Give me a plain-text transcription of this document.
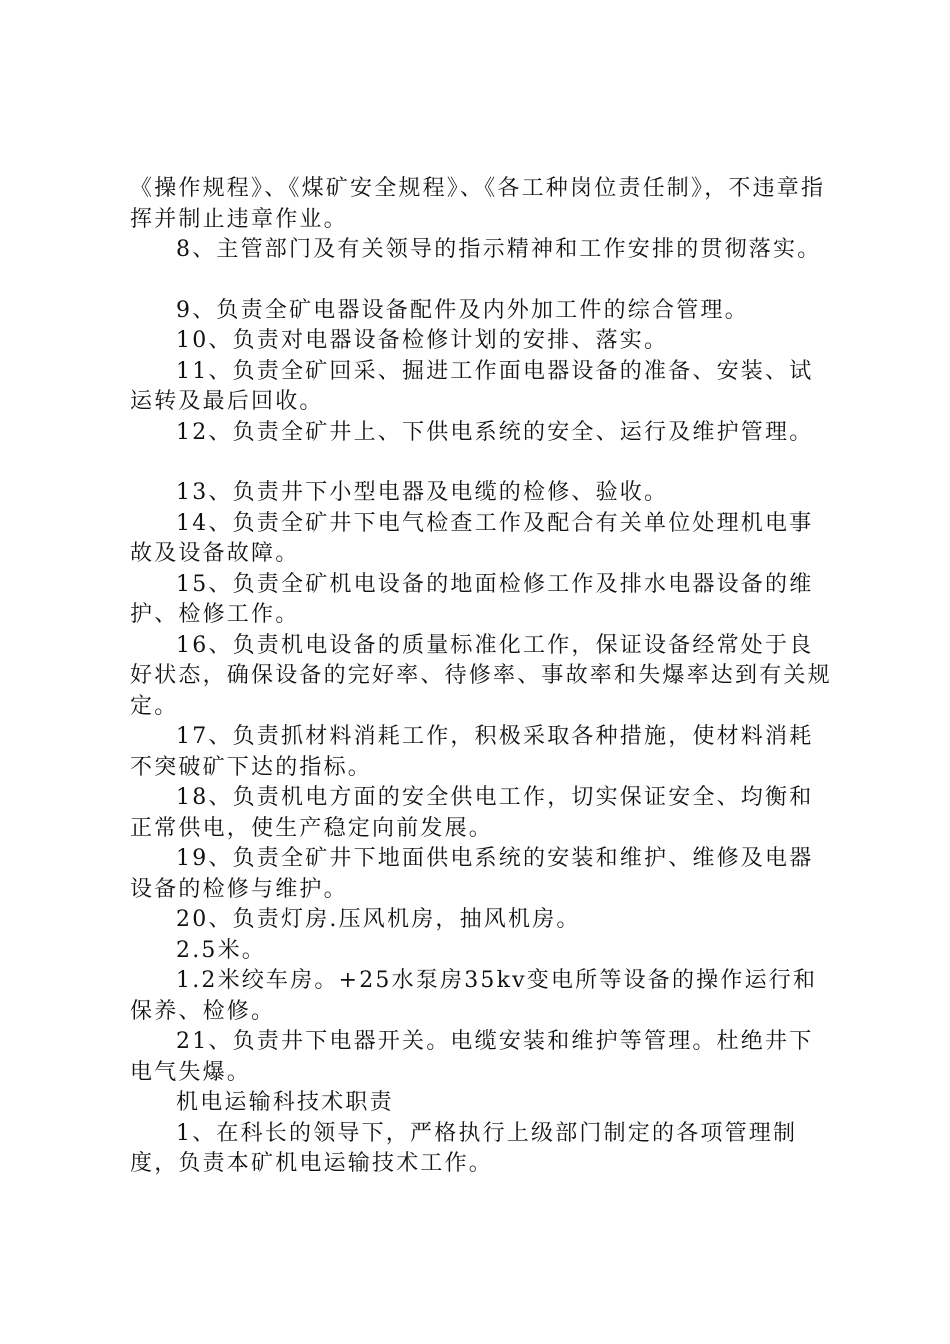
《操作规程》、《煤矿安全规程》、《各工种岗位责任制》，不违章指挥并制止违章作业。

8、主管部门及有关领导的指示精神和工作安排的贯彻落实。

9、负责全矿电器设备配件及内外加工件的综合管理。

10、负责对电器设备检修计划的安排、落实。

11、负责全矿回采、掘进工作面电器设备的准备、安装、试运转及最后回收。

12、负责全矿井上、下供电系统的安全、运行及维护管理。

13、负责井下小型电器及电缆的检修、验收。

14、负责全矿井下电气检查工作及配合有关单位处理机电事故及设备故障。

15、负责全矿机电设备的地面检修工作及排水电器设备的维护、检修工作。

16、负责机电设备的质量标准化工作，保证设备经常处于良好状态，确保设备的完好率、待修率、事故率和失爆率达到有关规定。

17、负责抓材料消耗工作，积极采取各种措施，使材料消耗不突破矿下达的指标。

18、负责机电方面的安全供电工作，切实保证安全、均衡和正常供电，使生产稳定向前发展。

19、负责全矿井下地面供电系统的安装和维护、维修及电器设备的检修与维护。

20、负责灯房.压风机房，抽风机房。

2.5米。

1.2米绞车房。+25水泵房35kv变电所等设备的操作运行和保养、检修。

21、负责井下电器开关。电缆安装和维护等管理。杜绝井下电气失爆。

机电运输科技术职责

1、在科长的领导下，严格执行上级部门制定的各项管理制度，负责本矿机电运输技术工作。
